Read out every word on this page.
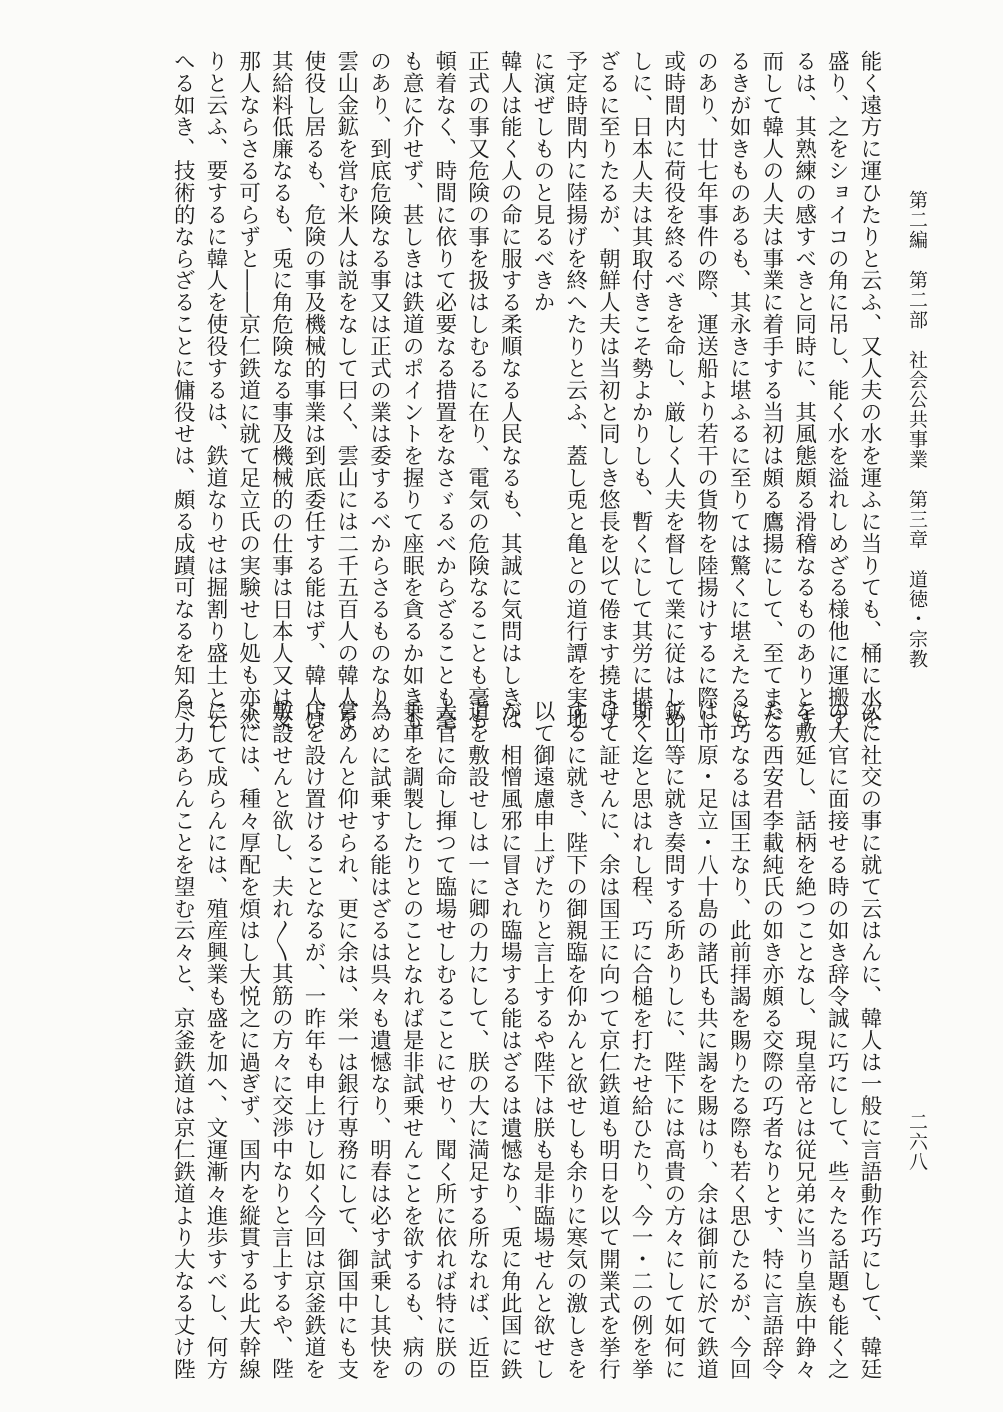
第二編　第二部　社会公共事業　第三章　道徳・宗教
二六八
能く遠方に運ひたりと云ふ、又人夫の水を運ふに当りても、桶に水を
盛り、之をショイコの角に吊し、能く水を溢れしめざる様他に運搬す
るは、其熟練の感すべきと同時に、其風態頗る滑稽なるものありとす
而して韓人の人夫は事業に着手する当初は頗る鷹揚にして、至てまだ
るきが如きものあるも、其永きに堪ふるに至りては驚くに堪えたるも
のあり、廿七年事件の際、運送船より若干の貨物を陸揚けするに際し
或時間内に荷役を終るべきを命し、厳しく人夫を督して業に従はしめ
しに、日本人夫は其取付きこそ勢よかりしも、暫くにして其労に堪え
ざるに至りたるが、朝鮮人夫は当初と同しき悠長を以て倦ます撓ます
予定時間内に陸揚げを終へたりと云ふ、蓋し兎と亀との道行譚を実地
に演ぜしものと見るべきか
韓人は能く人の命に服する柔順なる人民なるも、其誠に気問はしきは
正式の事又危険の事を扱はしむるに在り、電気の危険なることも毫も
頓着なく、時間に依りて必要なる措置をなさゞるべからざることも毫
も意に介せず、甚しきは鉄道のポイントを握りて座眠を貪るか如きも
のあり、到底危険なる事又は正式の業は委するべからさるものなり、
雲山金鉱を営む米人は説をなして曰く、雲山には二千五百人の韓人を
使役し居るも、危険の事及機械的事業は到底委任する能はず、韓人は
其給料低廉なるも、兎に角危険なる事及機械的の仕事は日本人又は支
那人ならさる可らずと――京仁鉄道に就て足立氏の実験せし処も亦然
りと云ふ、要するに韓人を使役するは、鉄道なりせは掘割り盛土と云
へる如き、技術的ならざることに傭役せは、頗る成蹟可なるを知る
次に社交の事に就て云はんに、韓人は一般に言語動作巧にして、韓廷
の大官に面接せる時の如き辞令誠に巧にして、些々たる話題も能く之
を敷延し、話柄を絶つことなし、現皇帝とは従兄弟に当り皇族中錚々
たる西安君李載純氏の如き亦頗る交際の巧者なりとす、特に言語辞令
に巧なるは国王なり、此前拝謁を賜りたる際も若く思ひたるが、今回
は市原・足立・八十島の諸氏も共に謁を賜はり、余は御前に於て鉄道
鉱山等に就き奏問する所ありしに、陛下には高貴の方々にして如何に
斯く迄と思はれし程、巧に合槌を打たせ給ひたり、今一・二の例を挙
けて証せんに、余は国王に向つて京仁鉄道も明日を以て開業式を挙行
するに就き、陛下の御親臨を仰かんと欲せしも余りに寒気の激しきを
以て御遠慮申上げたりと言上するや陛下は朕も是非臨場せんと欲せし
が、相憎風邪に冒され臨場する能はざるは遺憾なり、兎に角此国に鉄
道を敷設せしは一に卿の力にして、朕の大に満足する所なれば、近臣
大官に命し揮つて臨場せしむることにせり、聞く所に依れば特に朕の
乗車を調製したりとのことなれば是非試乗せんことを欲するも、病の
為めに試乗する能はざるは呉々も遺憾なり、明春は必す試乗し其快を
嘗めんと仰せられ、更に余は、栄一は銀行専務にして、御国中にも支
店を設け置けることなるが、一昨年も申上けし如く今回は京釜鉄道を
敷設せんと欲し、夫れ〳〵其筋の方々に交渉中なりと言上するや、陛
下には、種々厚配を煩はし大悦之に過ぎず、国内を縦貫する此大幹線
にして成らんには、殖産興業も盛を加へ、文運漸々進歩すべし、何方
尽力あらんことを望む云々と、京釜鉄道は京仁鉄道より大なる丈け陛
